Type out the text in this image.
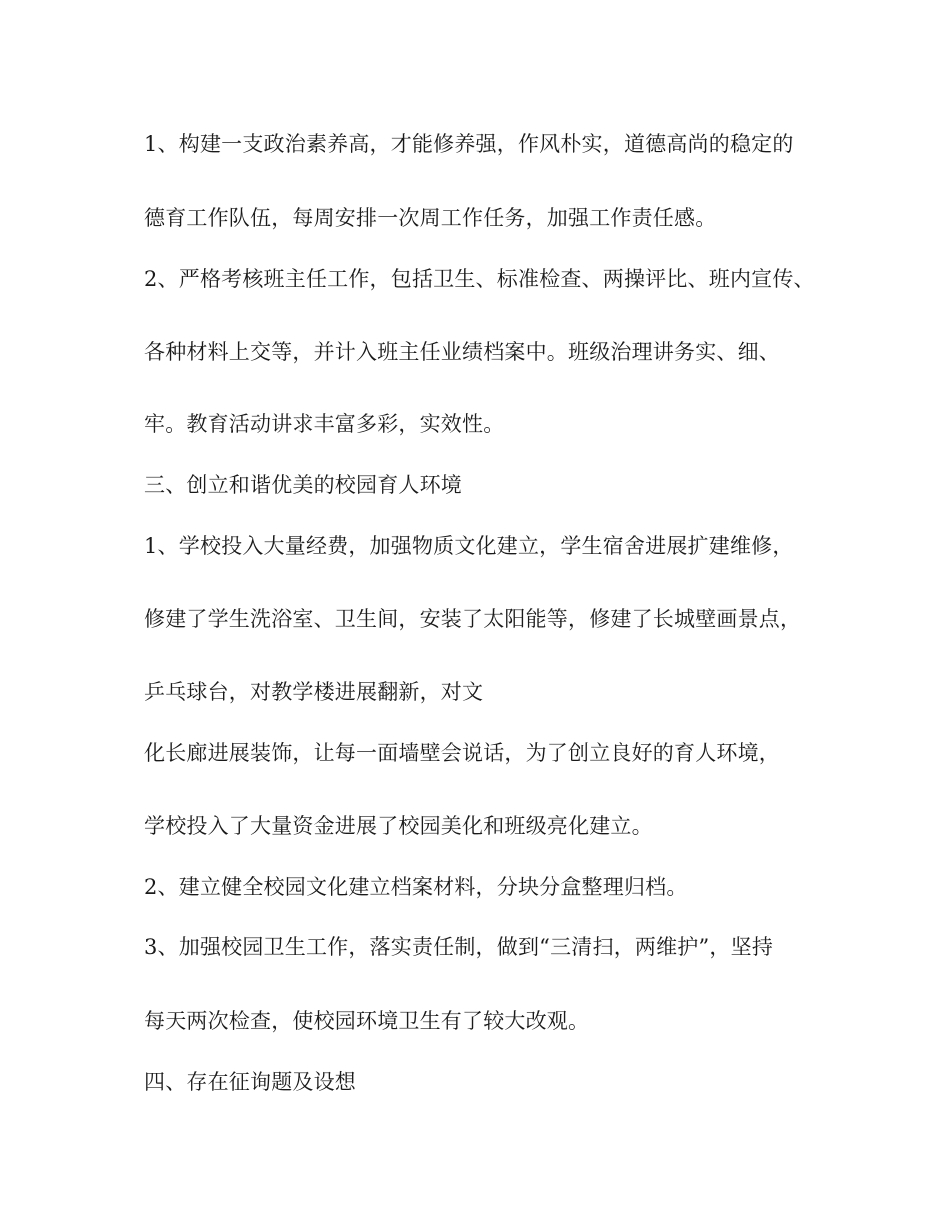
1、构建一支政治素养高，才能修养强，作风朴实，道德高尚的稳定的
德育工作队伍，每周安排一次周工作任务，加强工作责任感。
2、严格考核班主任工作，包括卫生、标准检查、两操评比、班内宣传、
各种材料上交等，并计入班主任业绩档案中。班级治理讲务实、细、
牢。教育活动讲求丰富多彩，实效性。
三、创立和谐优美的校园育人环境
1、学校投入大量经费，加强物质文化建立，学生宿舍进展扩建维修，
修建了学生洗浴室、卫生间，安装了太阳能等，修建了长城壁画景点，
乒乓球台，对教学楼进展翻新，对文
化长廊进展装饰，让每一面墙壁会说话，为了创立良好的育人环境，
学校投入了大量资金进展了校园美化和班级亮化建立。
2、建立健全校园文化建立档案材料，分块分盒整理归档。
3、加强校园卫生工作，落实责任制，做到“三清扫，两维护”，坚持
每天两次检查，使校园环境卫生有了较大改观。
四、存在征询题及设想
